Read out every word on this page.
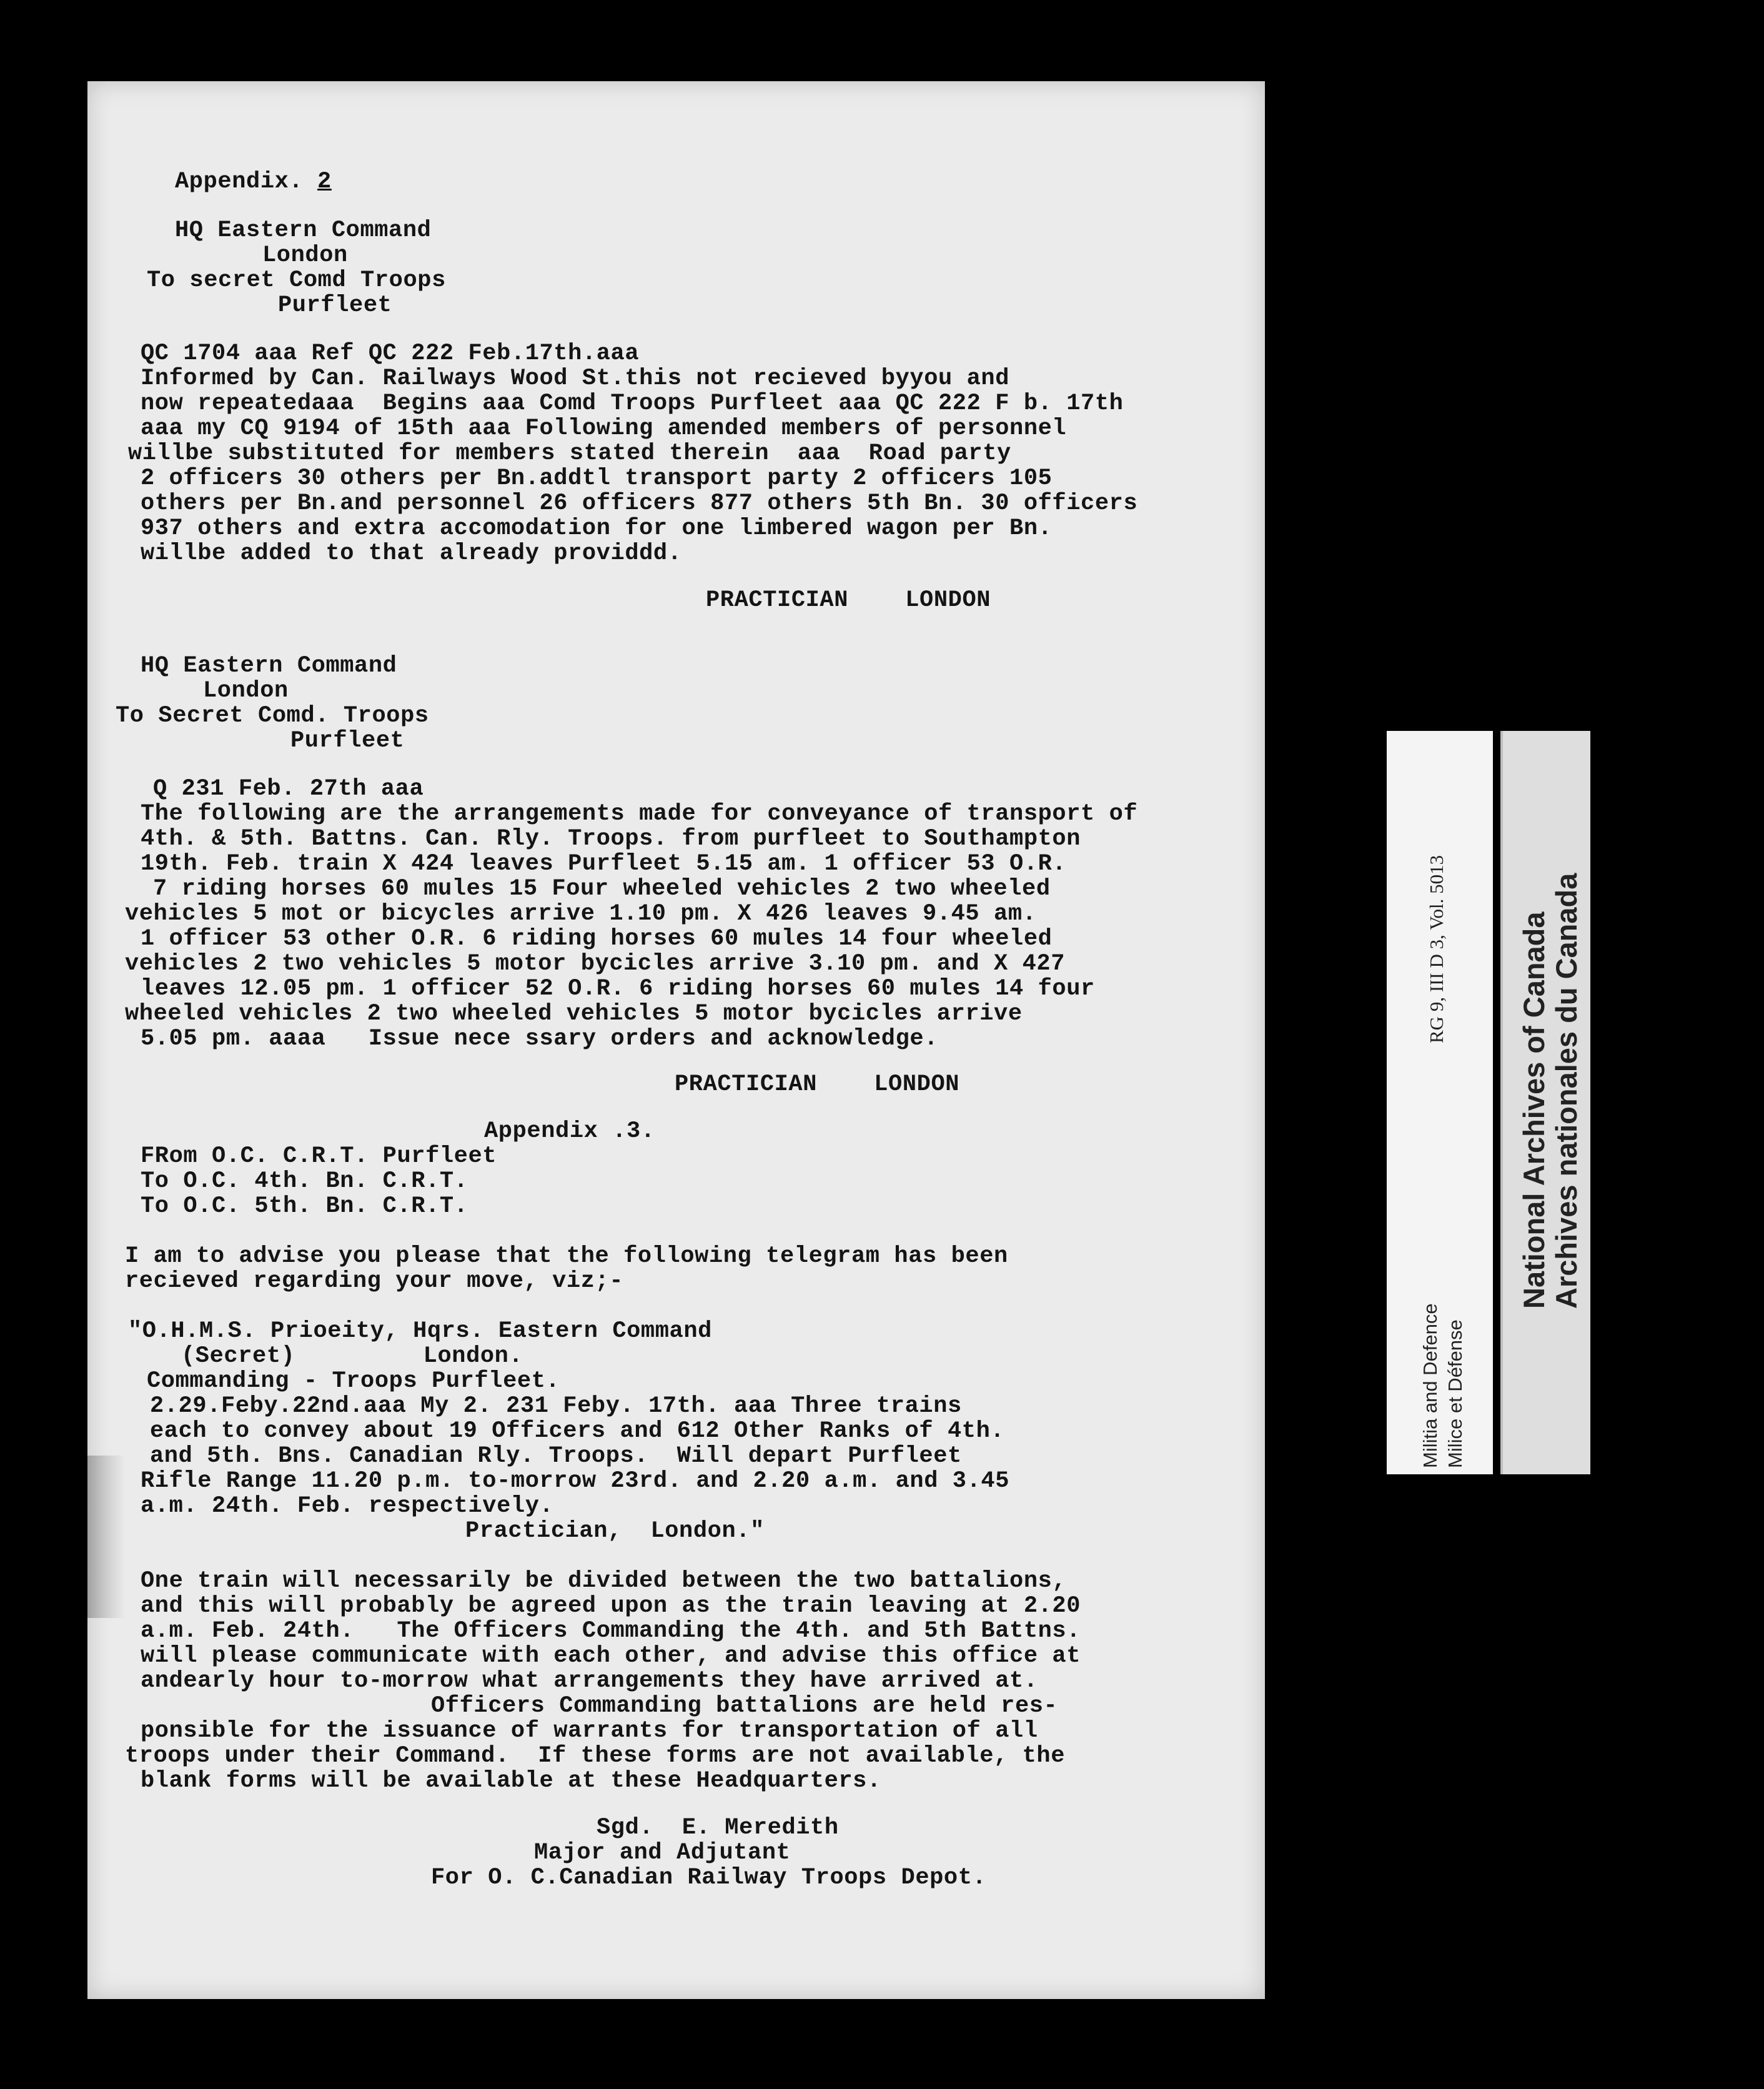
Appendix. 2
HQ Eastern Command
London
To secret Comd Troops
Purfleet
QC 1704 aaa Ref QC 222 Feb.17th.aaa
Informed by Can. Railways Wood St.this not recieved byyou and
now repeatedaaa  Begins aaa Comd Troops Purfleet aaa QC 222 F b. 17th
aaa my CQ 9194 of 15th aaa Following amended members of personnel
willbe substituted for members stated therein  aaa  Road party
2 officers 30 others per Bn.addtl transport party 2 officers 105
others per Bn.and personnel 26 officers 877 others 5th Bn. 30 officers
937 others and extra accomodation for one limbered wagon per Bn.
willbe added to that already providdd.
PRACTICIAN    LONDON
HQ Eastern Command
London
To Secret Comd. Troops
Purfleet
Q 231 Feb. 27th aaa
The following are the arrangements made for conveyance of transport of
4th. & 5th. Battns. Can. Rly. Troops. from purfleet to Southampton
19th. Feb. train X 424 leaves Purfleet 5.15 am. 1 officer 53 O.R.
7 riding horses 60 mules 15 Four wheeled vehicles 2 two wheeled
vehicles 5 mot or bicycles arrive 1.10 pm. X 426 leaves 9.45 am.
1 officer 53 other O.R. 6 riding horses 60 mules 14 four wheeled
vehicles 2 two vehicles 5 motor bycicles arrive 3.10 pm. and X 427
leaves 12.05 pm. 1 officer 52 O.R. 6 riding horses 60 mules 14 four
wheeled vehicles 2 two wheeled vehicles 5 motor bycicles arrive
5.05 pm. aaaa   Issue nece ssary orders and acknowledge.
PRACTICIAN    LONDON
Appendix .3.
FRom O.C. C.R.T. Purfleet
To O.C. 4th. Bn. C.R.T.
To O.C. 5th. Bn. C.R.T.
I am to advise you please that the following telegram has been
recieved regarding your move, viz;-
"O.H.M.S. Prioeity, Hqrs. Eastern Command
(Secret)         London.
Commanding - Troops Purfleet.
2.29.Feby.22nd.aaa My 2. 231 Feby. 17th. aaa Three trains
each to convey about 19 Officers and 612 Other Ranks of 4th.
and 5th. Bns. Canadian Rly. Troops.  Will depart Purfleet
Rifle Range 11.20 p.m. to-morrow 23rd. and 2.20 a.m. and 3.45
a.m. 24th. Feb. respectively.
Practician,  London."
One train will necessarily be divided between the two battalions,
and this will probably be agreed upon as the train leaving at 2.20
a.m. Feb. 24th.   The Officers Commanding the 4th. and 5th Battns.
will please communicate with each other, and advise this office at
andearly hour to-morrow what arrangements they have arrived at.
Officers Commanding battalions are held res-
ponsible for the issuance of warrants for transportation of all
troops under their Command.  If these forms are not available, the
blank forms will be available at these Headquarters.
Sgd.  E. Meredith
Major and Adjutant
For O. C.Canadian Railway Troops Depot.
Militia and Defence Milice et Défense
RG 9, III D 3, Vol. 5013 National Archives of Canada Archives nationales du Canada
